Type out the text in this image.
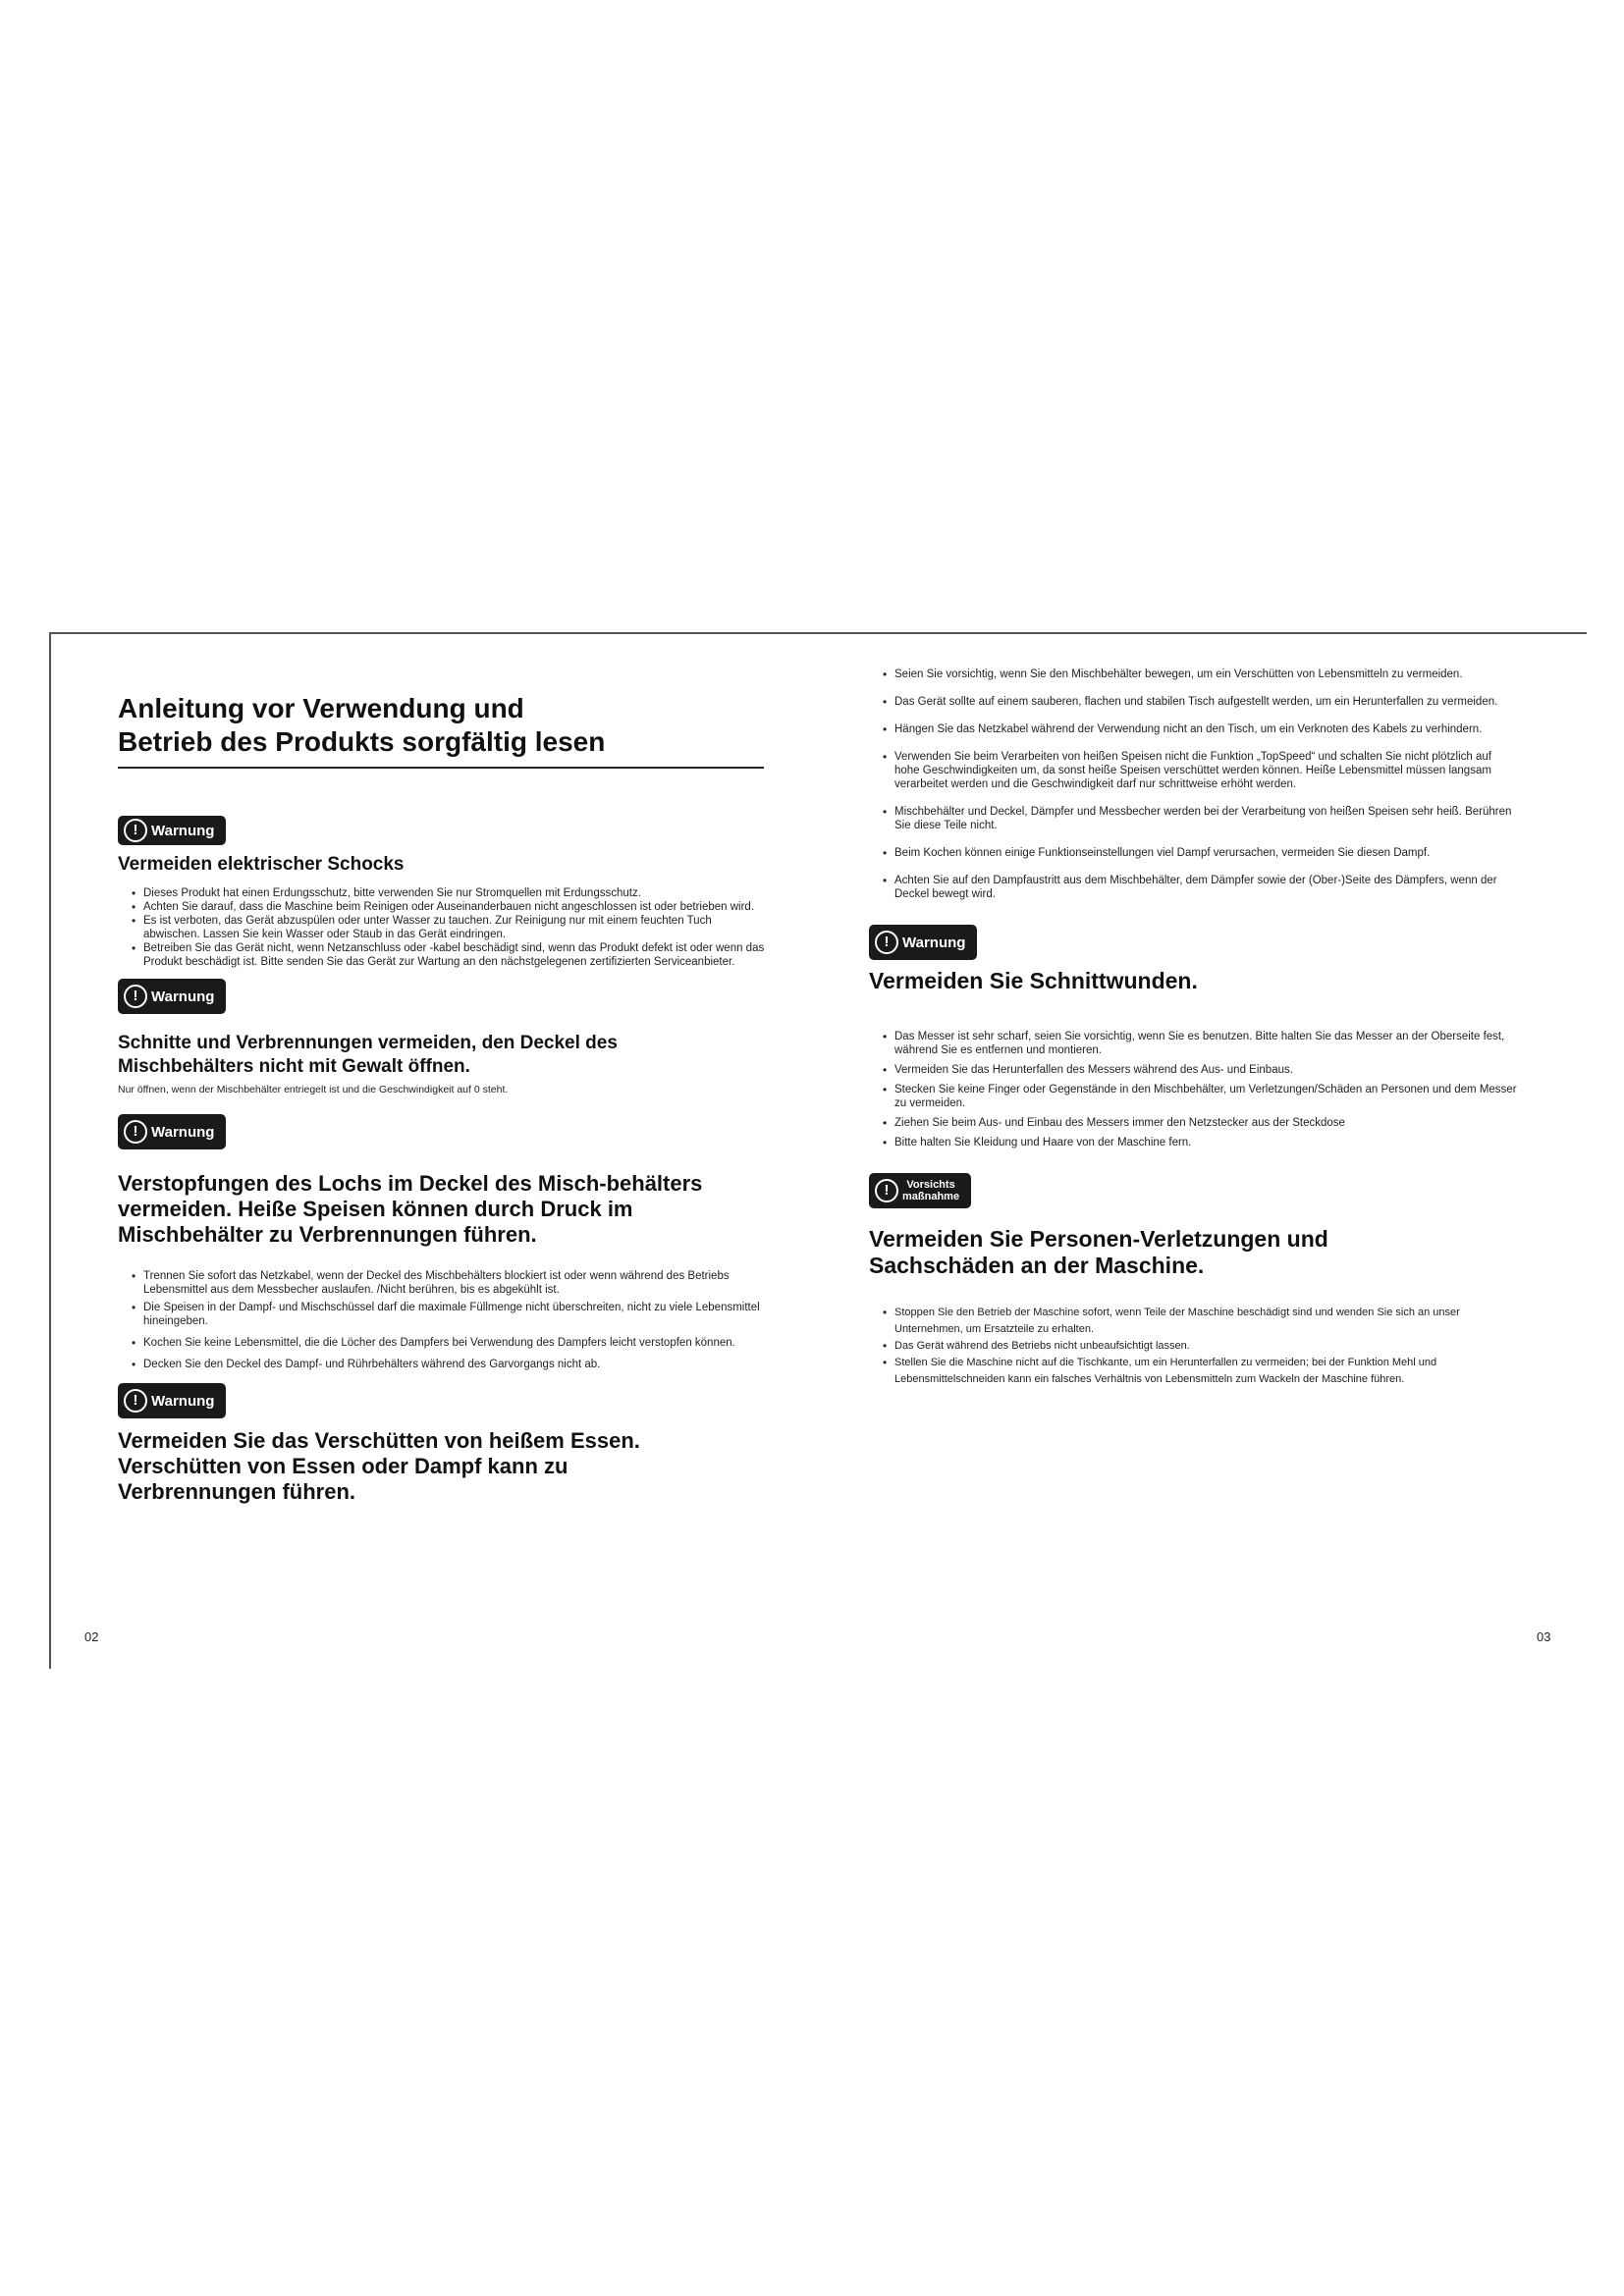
Anleitung vor Verwendung und
Betrieb des Produkts sorgfältig lesen
! Warnung

Vermeiden elektrischer Schocks

• Dieses Produkt hat einen Erdungsschutz, bitte verwenden Sie nur Stromquellen mit Erdungsschutz.
• Achten Sie darauf, dass die Maschine beim Reinigen oder Auseinanderbauen nicht angeschlossen ist oder betrieben wird.
• Es ist verboten, das Gerät abzuspülen oder unter Wasser zu tauchen. Zur Reinigung nur mit einem feuchten Tuch abwischen. Lassen Sie kein Wasser oder Staub in das Gerät eindringen.
• Betreiben Sie das Gerät nicht, wenn Netzanschluss oder -kabel beschädigt sind, wenn das Produkt defekt ist oder wenn das Produkt beschädigt ist. Bitte senden Sie das Gerät zur Wartung an den nächstgelegenen zertifizierten Serviceanbieter.
! Warnung

Schnitte und Verbrennungen vermeiden, den Deckel des
Mischbehälters nicht mit Gewalt öffnen.

Nur öffnen, wenn der Mischbehälter entriegelt ist und die Geschwindigkeit auf 0 steht.

! Warnung

Verstopfungen des Lochs im Deckel des Misch-behälters
vermeiden. Heiße Speisen können durch Druck im
Mischbehälter zu Verbrennungen führen.

• Trennen Sie sofort das Netzkabel, wenn der Deckel des Mischbehälters blockiert ist oder wenn während des Betriebs Lebensmittel aus dem Messbecher auslaufen. /Nicht berühren, bis es abgekühlt ist.
• Die Speisen in der Dampf- und Mischschüssel darf die maximale Füllmenge nicht überschreiten, nicht zu viele Lebensmittel hineingeben.
• Kochen Sie keine Lebensmittel, die die Löcher des Dampfers bei Verwendung des Dampfers leicht verstopfen können.
• Decken Sie den Deckel des Dampf- und Rührbehälters während des Garvorgangs nicht ab.
! Warnung

Vermeiden Sie das Verschütten von heißem Essen.
Verschütten von Essen oder Dampf kann zu
Verbrennungen führen.

• Seien Sie vorsichtig, wenn Sie den Mischbehälter bewegen, um ein Verschütten von Lebensmitteln zu vermeiden.
• Das Gerät sollte auf einem sauberen, flachen und stabilen Tisch aufgestellt werden, um ein Herunterfallen zu vermeiden.
• Hängen Sie das Netzkabel während der Verwendung nicht an den Tisch, um ein Verknoten des Kabels zu verhindern.
• Verwenden Sie beim Verarbeiten von heißen Speisen nicht die Funktion „TopSpeed“ und schalten Sie nicht plötzlich auf hohe Geschwindigkeiten um, da sonst heiße Speisen verschüttet werden können. Heiße Lebensmittel müssen langsam verarbeitet werden und die Geschwindigkeit darf nur schrittweise erhöht werden.
• Mischbehälter und Deckel, Dämpfer und Messbecher werden bei der Verarbeitung von heißen Speisen sehr heiß. Berühren Sie diese Teile nicht.
• Beim Kochen können einige Funktionseinstellungen viel Dampf verursachen, vermeiden Sie diesen Dampf.
• Achten Sie auf den Dampfaustritt aus dem Mischbehälter, dem Dämpfer sowie der (Ober-)Seite des Dämpfers, wenn der Deckel bewegt wird.
! Warnung

Vermeiden Sie Schnittwunden.

• Das Messer ist sehr scharf, seien Sie vorsichtig, wenn Sie es benutzen. Bitte halten Sie das Messer an der Oberseite fest, während Sie es entfernen und montieren.
• Vermeiden Sie das Herunterfallen des Messers während des Aus- und Einbaus.
• Stecken Sie keine Finger oder Gegenstände in den Mischbehälter, um Verletzungen/Schäden an Personen und dem Messer zu vermeiden.
• Ziehen Sie beim Aus- und Einbau des Messers immer den Netzstecker aus der Steckdose
• Bitte halten Sie Kleidung und Haare von der Maschine fern.
!	Vorsichts
maßnahme

Vermeiden Sie Personen-Verletzungen und
Sachschäden an der Maschine.

• Stoppen Sie den Betrieb der Maschine sofort, wenn Teile der Maschine beschädigt sind und wenden Sie sich an unser Unternehmen, um Ersatzteile zu erhalten.
• Das Gerät während des Betriebs nicht unbeaufsichtigt lassen.
• Stellen Sie die Maschine nicht auf die Tischkante, um ein Herunterfallen zu vermeiden; bei der Funktion Mehl und Lebensmittelschneiden kann ein falsches Verhältnis von Lebensmitteln zum Wackeln der Maschine führen.
02	03
